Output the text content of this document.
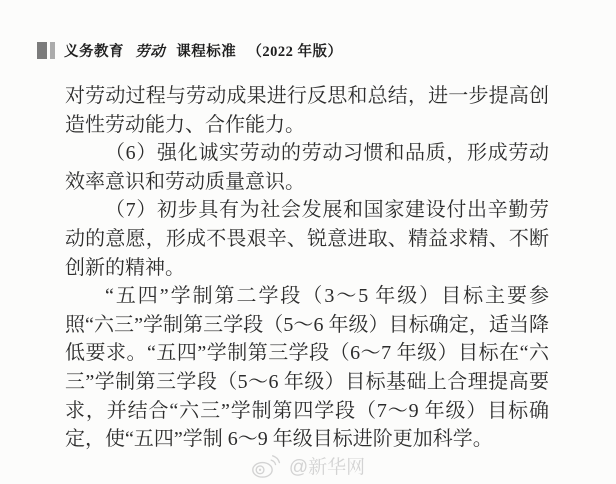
义务教育 劳动 课程标准 （2022 年版）

对劳动过程与劳动成果进行反思和总结，进一步提高创造性劳动能力、合作能力。

（6）强化诚实劳动的劳动习惯和品质，形成劳动效率意识和劳动质量意识。

（7）初步具有为社会发展和国家建设付出辛勤劳动的意愿，形成不畏艰辛、锐意进取、精益求精、不断创新的精神。

“五四”学制第二学段（3～5 年级）目标主要参照“六三”学制第三学段（5～6 年级）目标确定，适当降低要求。“五四”学制第三学段（6～7 年级）目标在“六三”学制第三学段（5～6 年级）目标基础上合理提高要求，并结合“六三”学制第四学段（7～9 年级）目标确定，使“五四”学制 6～9 年级目标进阶更加科学。

@新华网
